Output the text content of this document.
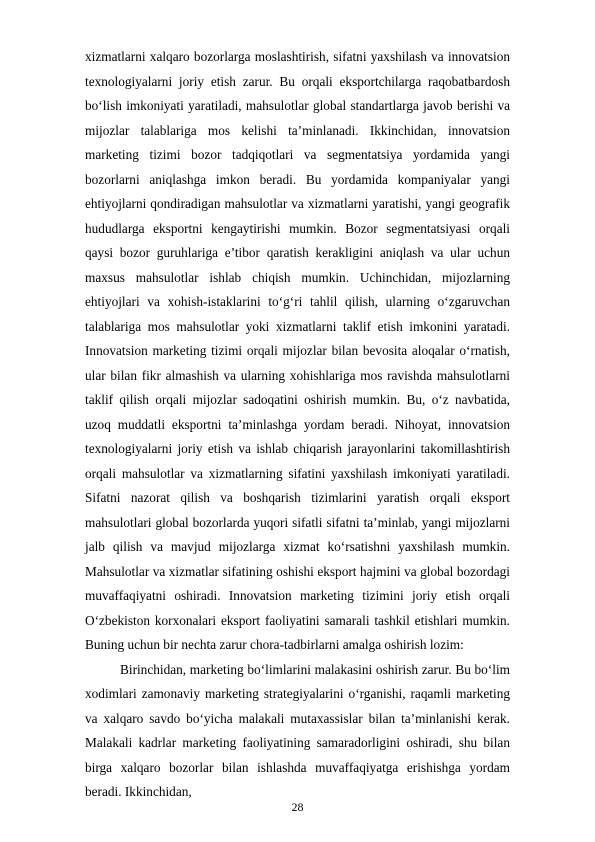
xizmatlarni xalqaro bozorlarga moslashtirish, sifatni yaxshilash va innovatsion texnologiyalarni joriy etish zarur. Bu orqali eksportchilarga raqobatbardosh bo‘lish imkoniyati yaratiladi, mahsulotlar global standartlarga javob berishi va mijozlar talablariga mos kelishi ta’minlanadi. Ikkinchidan, innovatsion marketing tizimi bozor tadqiqotlari va segmentatsiya yordamida yangi bozorlarni aniqlashga imkon beradi. Bu yordamida kompaniyalar yangi ehtiyojlarni qondiradigan mahsulotlar va xizmatlarni yaratishi, yangi geografik hududlarga eksportni kengaytirishi mumkin. Bozor segmentatsiyasi orqali qaysi bozor guruhlariga e’tibor qaratish kerakligini aniqlash va ular uchun maxsus mahsulotlar ishlab chiqish mumkin. Uchinchidan, mijozlarning ehtiyojlari va xohish-istaklarini to‘g‘ri tahlil qilish, ularning o‘zgaruvchan talablariga mos mahsulotlar yoki xizmatlarni taklif etish imkonini yaratadi. Innovatsion marketing tizimi orqali mijozlar bilan bevosita aloqalar o‘rnatish, ular bilan fikr almashish va ularning xohishlariga mos ravishda mahsulotlarni taklif qilish orqali mijozlar sadoqatini oshirish mumkin. Bu, o‘z navbatida, uzoq muddatli eksportni ta’minlashga yordam beradi. Nihoyat, innovatsion texnologiyalarni joriy etish va ishlab chiqarish jarayonlarini takomillashtirish orqali mahsulotlar va xizmatlarning sifatini yaxshilash imkoniyati yaratiladi. Sifatni nazorat qilish va boshqarish tizimlarini yaratish orqali eksport mahsulotlari global bozorlarda yuqori sifatli sifatni ta’minlab, yangi mijozlarni jalb qilish va mavjud mijozlarga xizmat ko‘rsatishni yaxshilash mumkin. Mahsulotlar va xizmatlar sifatining oshishi eksport hajmini va global bozordagi muvaffaqiyatni oshiradi. Innovatsion marketing tizimini joriy etish orqali O‘zbekiston korxonalari eksport faoliyatini samarali tashkil etishlari mumkin. Buning uchun bir nechta zarur chora-tadbirlarni amalga oshirish lozim:

Birinchidan, marketing bo‘limlarini malakasini oshirish zarur. Bu bo‘lim xodimlari zamonaviy marketing strategiyalarini o‘rganishi, raqamli marketing va xalqaro savdo bo‘yicha malakali mutaxassislar bilan ta’minlanishi kerak. Malakali kadrlar marketing faoliyatining samaradorligini oshiradi, shu bilan birga xalqaro bozorlar bilan ishlashda muvaffaqiyatga erishishga yordam beradi. Ikkinchidan,

28
